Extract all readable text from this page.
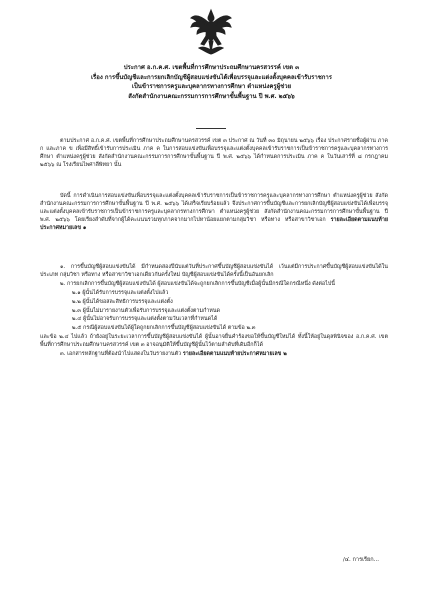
ประกาศ อ.ก.ค.ศ. เขตพื้นที่การศึกษาประถมศึกษานครสวรรค์ เขต ๓
เรื่อง การขึ้นบัญชีและการยกเลิกบัญชีผู้สอบแข่งขันได้เพื่อบรรจุและแต่งตั้งบุคคลเข้ารับราชการ
เป็นข้าราชการครูและบุคลากรทางการศึกษา ตำแหน่งครูผู้ช่วย
สังกัดสำนักงานคณะกรรมการการศึกษาขั้นพื้นฐาน ปี พ.ศ. ๒๕๖๖

ตามประกาศ อ.ก.ค.ศ. เขตพื้นที่การศึกษาประถมศึกษานครสวรรค์ เขต ๓ ประกาศ ณ วันที่ ๓๐ มิถุนายน ๒๕๖๖ เรื่อง ประกาศรายชื่อผู้ผ่าน ภาค ก และภาค ข เพื่อมีสิทธิ์เข้ารับการประเมิน ภาค ค ในการสอบแข่งขันเพื่อบรรจุและแต่งตั้งบุคคลเข้ารับราชการเป็นข้าราชการครูและบุคลากรทางการศึกษา ตำแหน่งครูผู้ช่วย สังกัดสำนักงานคณะกรรมการการศึกษาขั้นพื้นฐาน ปี พ.ศ. ๒๕๖๖ ได้กำหนดการประเมิน ภาค ค ในวันเสาร์ที่ ๘ กรกฎาคม ๒๕๖๖ ณ โรงเรียนไพศาลีพิทยา นั้น

บัดนี้ การดำเนินการสอบแข่งขันเพื่อบรรจุและแต่งตั้งบุคคลเข้ารับราชการเป็นข้าราชการครูและบุคลากรทางการศึกษา ตำแหน่งครูผู้ช่วย สังกัดสำนักงานคณะกรรมการการศึกษาขั้นพื้นฐาน ปี พ.ศ. ๒๕๖๖ ได้เสร็จเรียบร้อยแล้ว จึงประกาศการขึ้นบัญชีและการยกเลิกบัญชีผู้สอบแข่งขันได้เพื่อบรรจุและแต่งตั้งบุคคลเข้ารับราชการเป็นข้าราชการครูและบุคลากรทางการศึกษา ตำแหน่งครูผู้ช่วย สังกัดสำนักงานคณะกรรมการการศึกษาขั้นพื้นฐาน ปี พ.ศ. ๒๕๖๖ โดยเรียงลำดับที่จากผู้ได้คะแนนรวมทุกภาคจากมากไปหาน้อยแยกตามกลุ่มวิชา หรือทาง หรือสาขาวิชาเอก รายละเอียดตามแนบท้ายประกาศหมายเลข ๑

๑. การขึ้นบัญชีผู้สอบแข่งขันได้ มีกำหนดสองปีนับแต่วันที่ประกาศขึ้นบัญชีผู้สอบแข่งขันได้ เว้นแต่มีการประกาศขึ้นบัญชีผู้สอบแข่งขันได้ในประเภท กลุ่มวิชา หรือทาง หรือสาขาวิชาเอกเดียวกันครั้งใหม่ บัญชีผู้สอบแข่งขันได้ครั้งนี้เป็นอันยกเลิก

๒. การยกเลิกการขึ้นบัญชีผู้สอบแข่งขันได้ ผู้สอบแข่งขันได้จะถูกยกเลิกการขึ้นบัญชีเมื่อผู้นั้นมีกรณีใดกรณีหนึ่ง ดังต่อไปนี้

๒.๑ ผู้นั้นได้รับการบรรจุและแต่งตั้งไปแล้ว

๒.๒ ผู้นั้นได้ขอสละสิทธิการบรรจุและแต่งตั้ง

๒.๓ ผู้นั้นไม่มารายงานตัวเพื่อรับการบรรจุและแต่งตั้งตามกำหนด

๒.๔ ผู้นั้นไม่อาจรับการบรรจุและแต่งตั้งตามวันเวลาที่กำหนดได้

๒.๕ กรณีผู้สอบแข่งขันได้ผู้ใดถูกยกเลิกการขึ้นบัญชีผู้สอบแข่งขันได้ ตามข้อ ๒.๓

และข้อ ๒.๔ ไปแล้ว ถ้ายังอยู่ในระยะเวลาการขึ้นบัญชีผู้สอบแข่งขันได้ ผู้นั้นอาจยื่นคำร้องขอให้ขึ้นบัญชีใหม่ได้ ทั้งนี้ให้อยู่ในดุลพินิจของ อ.ก.ค.ศ. เขตพื้นที่การศึกษาประถมศึกษานครสวรรค์ เขต ๓ อาจอนุมัติให้ขึ้นบัญชีผู้นั้นไว้ตามลำดับที่เดิมอีกก็ได้

๓. เอกสารหลักฐานที่ต้องนำไปแสดงในวันรายงานตัว รายละเอียดตามแนบท้ายประกาศหมายเลข ๒

/๔. การเรียก...
